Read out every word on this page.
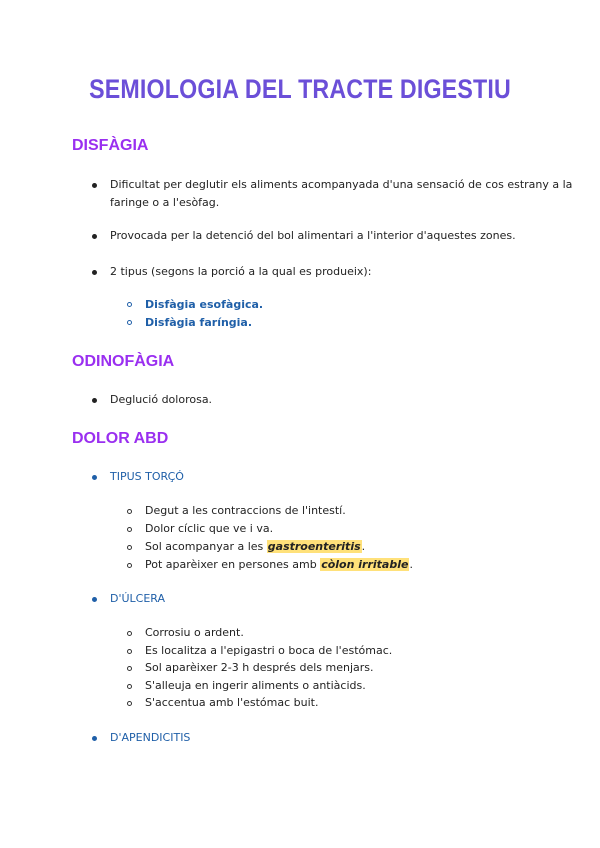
SEMIOLOGIA DEL TRACTE DIGESTIU
DISFÀGIA
Dificultat per deglutir els aliments acompanyada d'una sensació de cos estrany a la
faringe o a l'esòfag.
Provocada per la detenció del bol alimentari a l'interior d'aquestes zones.
2 tipus (segons la porció a la qual es produeix):
Disfàgia esofàgica.
Disfàgia faríngia.
ODINOFÀGIA
Deglució dolorosa.
DOLOR ABD
TIPUS TORÇÓ
Degut a les contraccions de l'intestí.
Dolor cíclic que ve i va.
Sol acompanyar a les gastroenteritis.
Pot aparèixer en persones amb còlon irritable.
D'ÚLCERA
Corrosiu o ardent.
Es localitza a l'epigastri o boca de l'estómac.
Sol aparèixer 2-3 h després dels menjars.
S'alleuja en ingerir aliments o antiàcids.
S'accentua amb l'estómac buit.
D'APENDICITIS
